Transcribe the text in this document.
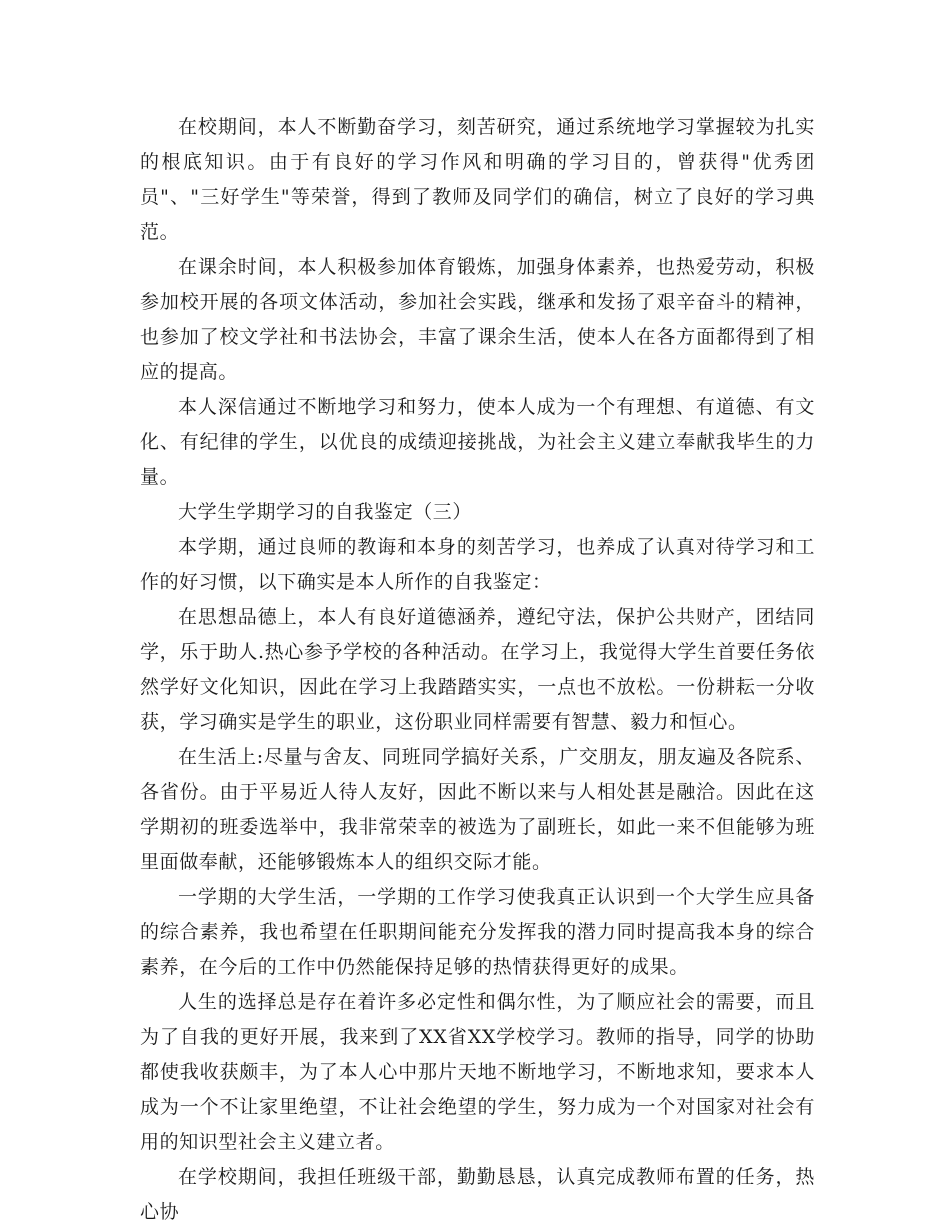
在校期间，本人不断勤奋学习，刻苦研究，通过系统地学习掌握较为扎实的根底知识。由于有良好的学习作风和明确的学习目的，曾获得"优秀团员"、"三好学生"等荣誉，得到了教师及同学们的确信，树立了良好的学习典范。

在课余时间，本人积极参加体育锻炼，加强身体素养，也热爱劳动，积极参加校开展的各项文体活动，参加社会实践，继承和发扬了艰辛奋斗的精神，也参加了校文学社和书法协会，丰富了课余生活，使本人在各方面都得到了相应的提高。

本人深信通过不断地学习和努力，使本人成为一个有理想、有道德、有文化、有纪律的学生，以优良的成绩迎接挑战，为社会主义建立奉献我毕生的力量。

大学生学期学习的自我鉴定（三）

本学期，通过良师的教诲和本身的刻苦学习，也养成了认真对待学习和工作的好习惯，以下确实是本人所作的自我鉴定：

在思想品德上，本人有良好道德涵养，遵纪守法，保护公共财产，团结同学，乐于助人.热心参予学校的各种活动。在学习上，我觉得大学生首要任务依然学好文化知识，因此在学习上我踏踏实实，一点也不放松。一份耕耘一分收获，学习确实是学生的职业，这份职业同样需要有智慧、毅力和恒心。

在生活上:尽量与舍友、同班同学搞好关系，广交朋友，朋友遍及各院系、各省份。由于平易近人待人友好，因此不断以来与人相处甚是融洽。因此在这学期初的班委选举中，我非常荣幸的被选为了副班长，如此一来不但能够为班里面做奉献，还能够锻炼本人的组织交际才能。

一学期的大学生活，一学期的工作学习使我真正认识到一个大学生应具备的综合素养，我也希望在任职期间能充分发挥我的潜力同时提高我本身的综合素养，在今后的工作中仍然能保持足够的热情获得更好的成果。

人生的选择总是存在着许多必定性和偶尔性，为了顺应社会的需要，而且为了自我的更好开展，我来到了XX省XX学校学习。教师的指导，同学的协助都使我收获颇丰，为了本人心中那片天地不断地学习，不断地求知，要求本人成为一个不让家里绝望，不让社会绝望的学生，努力成为一个对国家对社会有用的知识型社会主义建立者。

在学校期间，我担任班级干部，勤勤恳恳，认真完成教师布置的任务，热心协
